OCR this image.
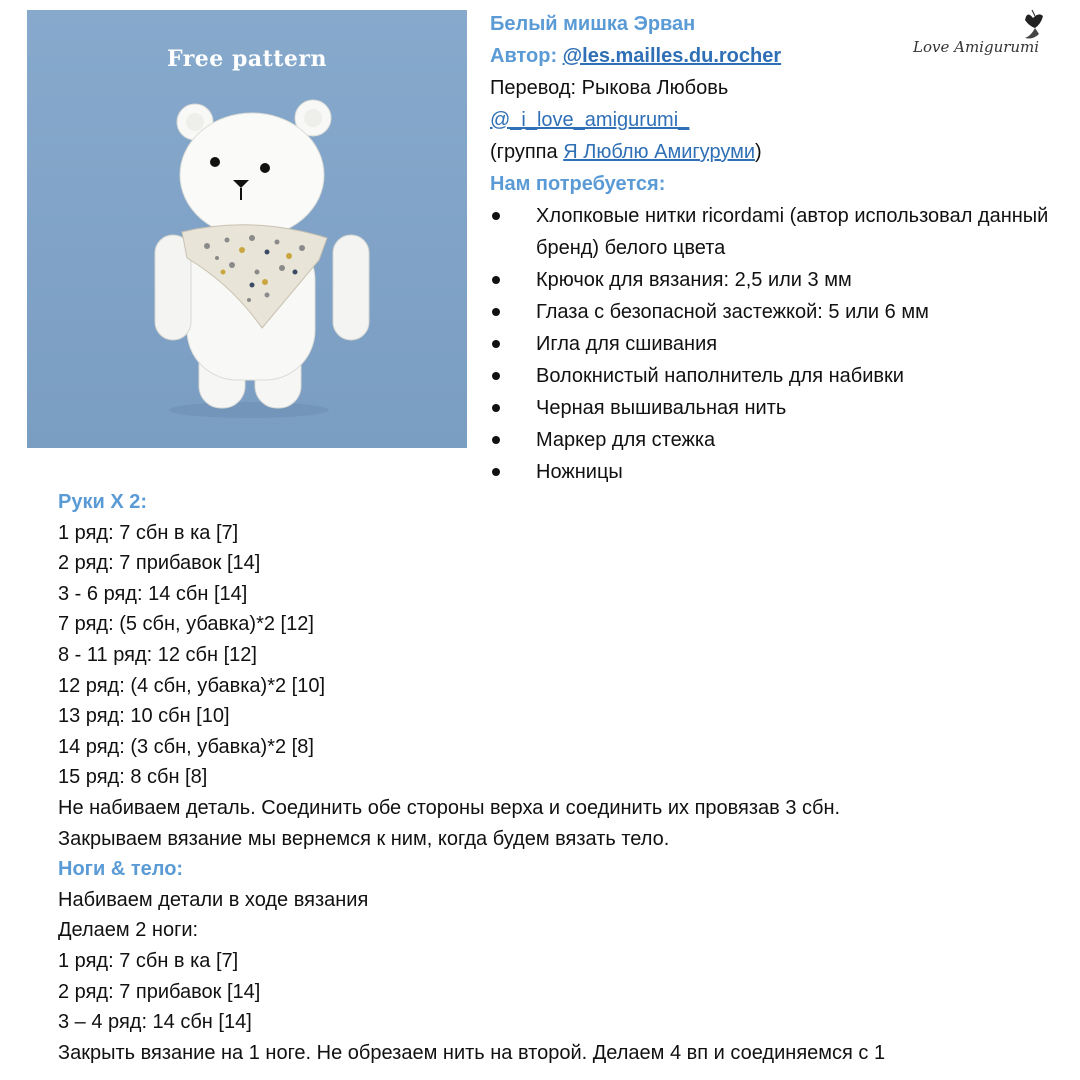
Free pattern	Love Amigurumi
Белый мишка Эрван
Автор: @les.mailles.du.rocher
Перевод: Рыкова Любовь
@_i_love_amigurumi_
(группа Я Люблю Амигуруми)
Нам потребуется:
Хлопковые нитки ricordami (автор использовал данный бренд) белого цвета
Крючок для вязания: 2,5 или 3 мм
Глаза с безопасной застежкой: 5 или 6 мм
Игла для сшивания
Волокнистый наполнитель для набивки
Черная вышивальная нить
Маркер для стежка
Ножницы
Руки X 2:
1 ряд: 7 сбн в ка [7]
2 ряд: 7 прибавок [14]
3 - 6 ряд: 14 сбн [14]
7 ряд: (5 сбн, убавка)*2 [12]
8 - 11 ряд: 12 сбн [12]
12 ряд: (4 сбн, убавка)*2 [10]
13 ряд: 10 сбн [10]
14 ряд: (3 сбн, убавка)*2 [8]
15 ряд: 8 сбн [8]
Не набиваем деталь. Соединить обе стороны верха и соединить их провязав 3 сбн.
Закрываем вязание мы вернемся к ним, когда будем вязать тело.
Ноги & тело:
Набиваем детали в ходе вязания
Делаем 2 ноги:
1 ряд: 7 сбн в ка [7]
2 ряд: 7 прибавок [14]
3 – 4 ряд: 14 сбн [14]
Закрыть вязание на 1 ноге. Не обрезаем нить на второй. Делаем 4 вп и соединяемся с 1
